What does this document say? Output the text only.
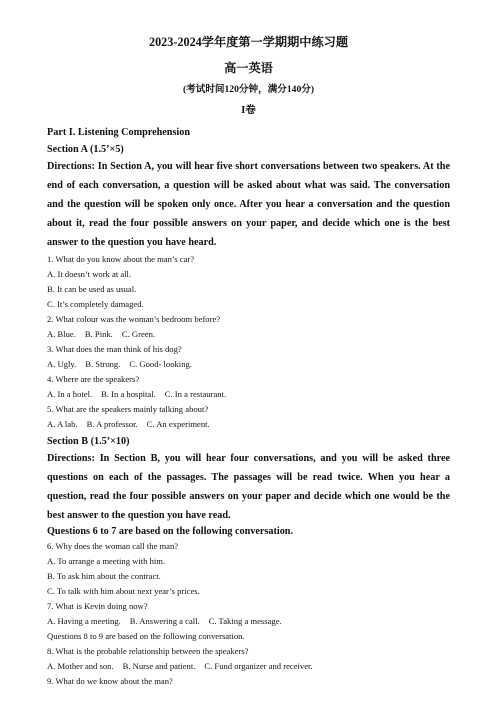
2023-2024学年度第一学期期中练习题
高一英语
(考试时间120分钟，满分140分)
I卷
Part I. Listening Comprehension
Section A (1.5’×5)
Directions: In Section A, you will hear five short conversations between two speakers. At the end of each conversation, a question will be asked about what was said. The conversation and the question will be spoken only once. After you hear a conversation and the question about it, read the four possible answers on your paper, and decide which one is the best answer to the question you have heard.
1. What do you know about the man’s car?
A. It doesn’t work at all.
B. It can be used as usual.
C. It’s completely damaged.
2. What colour was the woman’s bedroom before?
A. Blue. B. Pink. C. Green.
3. What does the man think of his dog?
A. Ugly. B. Strong. C. Good- looking.
4. Where are the speakers?
A. In a hotel. B. In a hospital. C. In a restaurant.
5. What are the speakers mainly talking about?
A. A lab. B. A professor. C. An experiment.
Section B (1.5’×10)
Directions: In Section B, you will hear four conversations, and you will be asked three questions on each of the passages. The passages will be read twice. When you hear a question, read the four possible answers on your paper and decide which one would be the best answer to the question you have read.
Questions 6 to 7 are based on the following conversation.
6. Why does the woman call the man?
A. To arrange a meeting with him.
B. To ask him about the contract.
C. To talk with him about next year’s prices.
7. What is Kevin doing now?
A. Having a meeting. B. Answering a call. C. Taking a message.
Questions 8 to 9 are based on the following conversation.
8. What is the probable relationship between the speakers?
A. Mother and son. B. Nurse and patient. C. Fund organizer and receiver.
9. What do we know about the man?
